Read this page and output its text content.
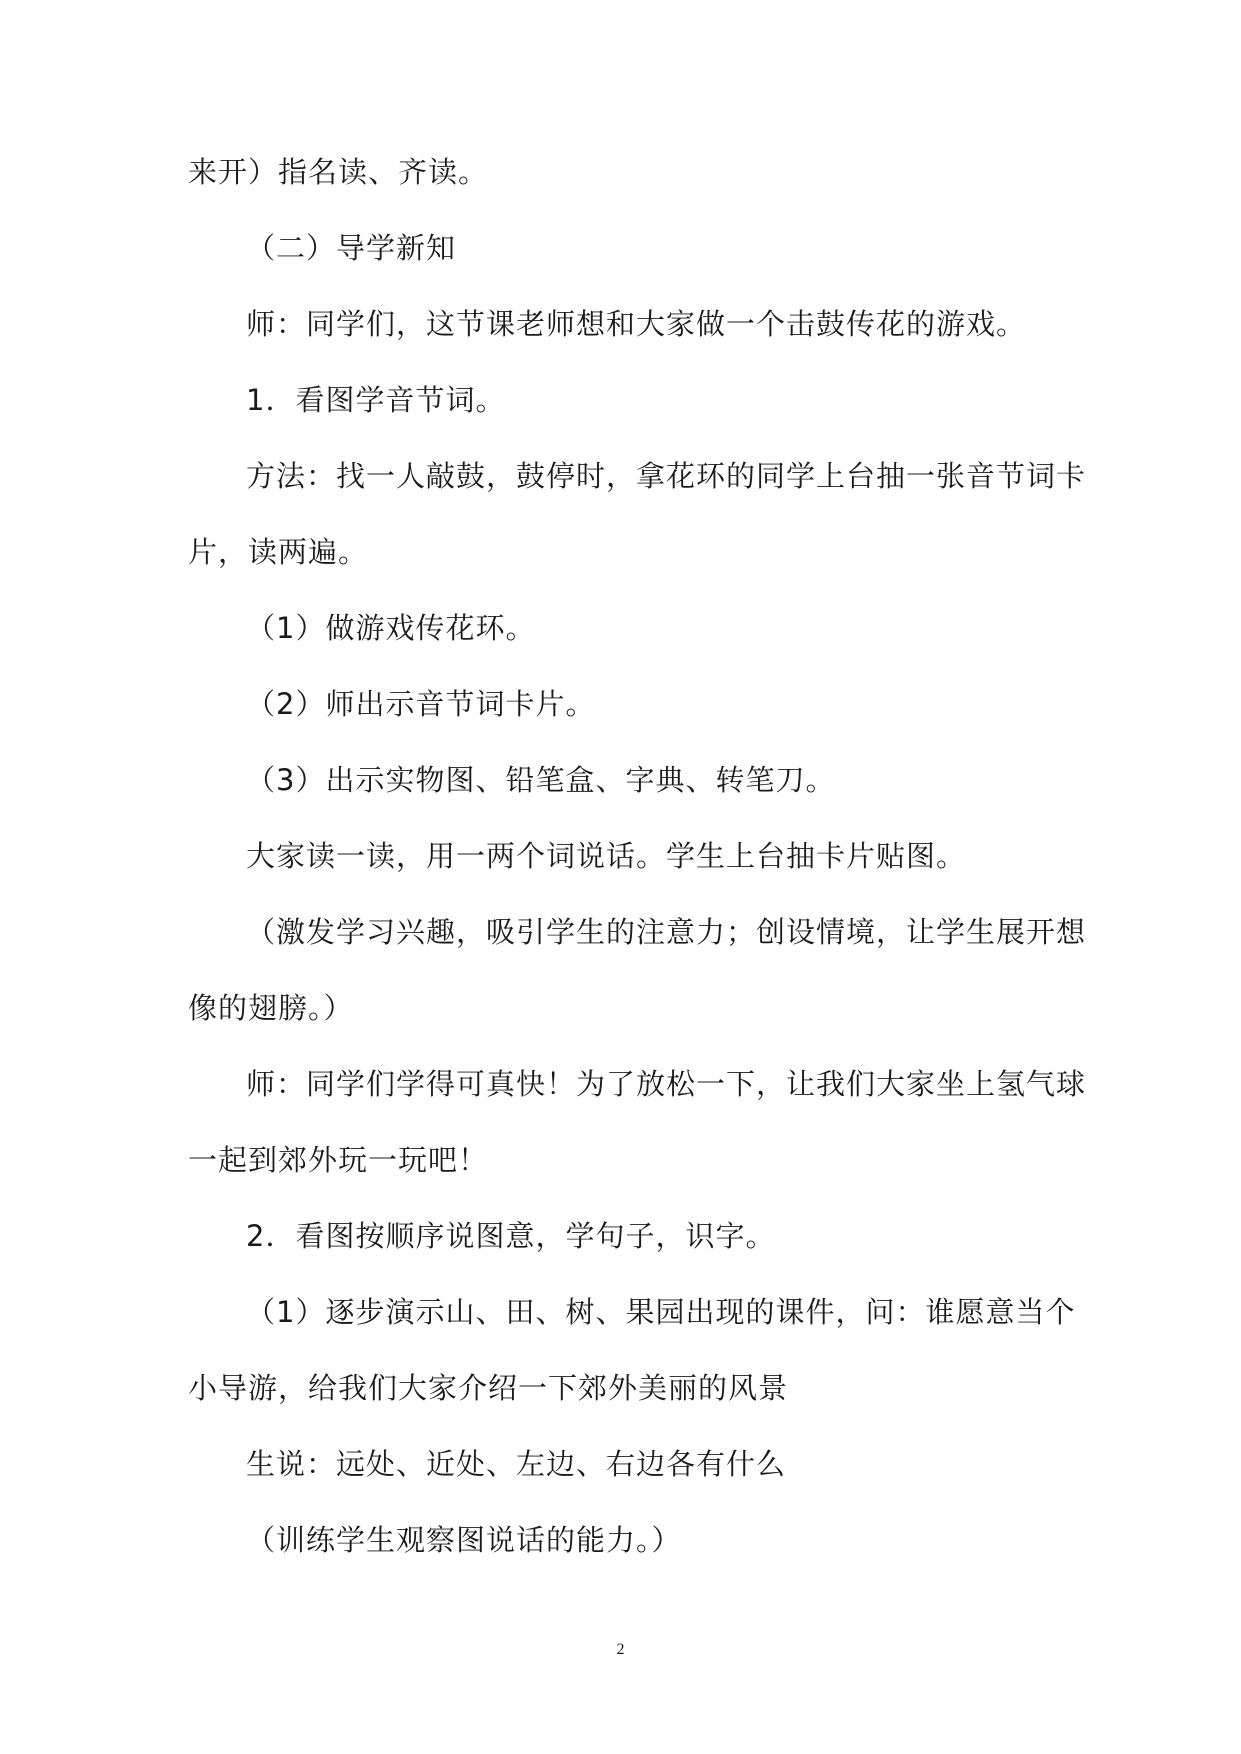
来开）指名读、齐读。
（二）导学新知
师：同学们，这节课老师想和大家做一个击鼓传花的游戏。
1．看图学音节词。
方法：找一人敲鼓，鼓停时，拿花环的同学上台抽一张音节词卡
片，读两遍。
（1）做游戏传花环。
（2）师出示音节词卡片。
（3）出示实物图、铅笔盒、字典、转笔刀。
大家读一读，用一两个词说话。学生上台抽卡片贴图。
（激发学习兴趣，吸引学生的注意力；创设情境，让学生展开想
像的翅膀。）
师：同学们学得可真快！为了放松一下，让我们大家坐上氢气球
一起到郊外玩一玩吧！
2．看图按顺序说图意，学句子，识字。
（1）逐步演示山、田、树、果园出现的课件，问：谁愿意当个
小导游，给我们大家介绍一下郊外美丽的风景
生说：远处、近处、左边、右边各有什么
（训练学生观察图说话的能力。）
2
